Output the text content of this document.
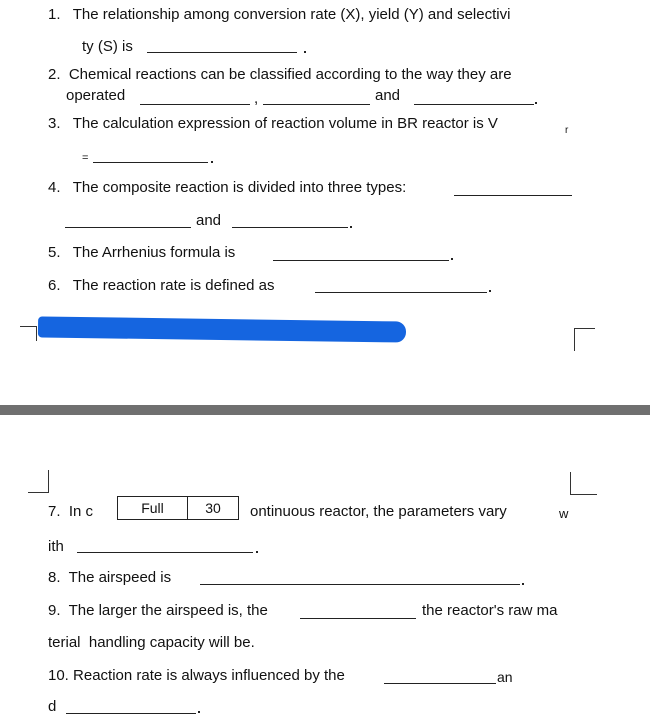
1.   The relationship among conversion rate (X), yield (Y) and selectivi
ty (S) is
2.  Chemical reactions can be classified according to the way they are
operated	,	and
3.   The calculation expression of reaction volume in BR reactor is V	r
=
4.   The composite reaction is divided into three types:
and
5.   The Arrhenius formula is
6.   The reaction rate is defined as
7.  In c	Full	30	ontinuous reactor, the parameters vary	w
ith
8.  The airspeed is
9.  The larger the airspeed is, the	the reactor's raw ma
terial  handling capacity will be.
10. Reaction rate is always influenced by the	an
d
